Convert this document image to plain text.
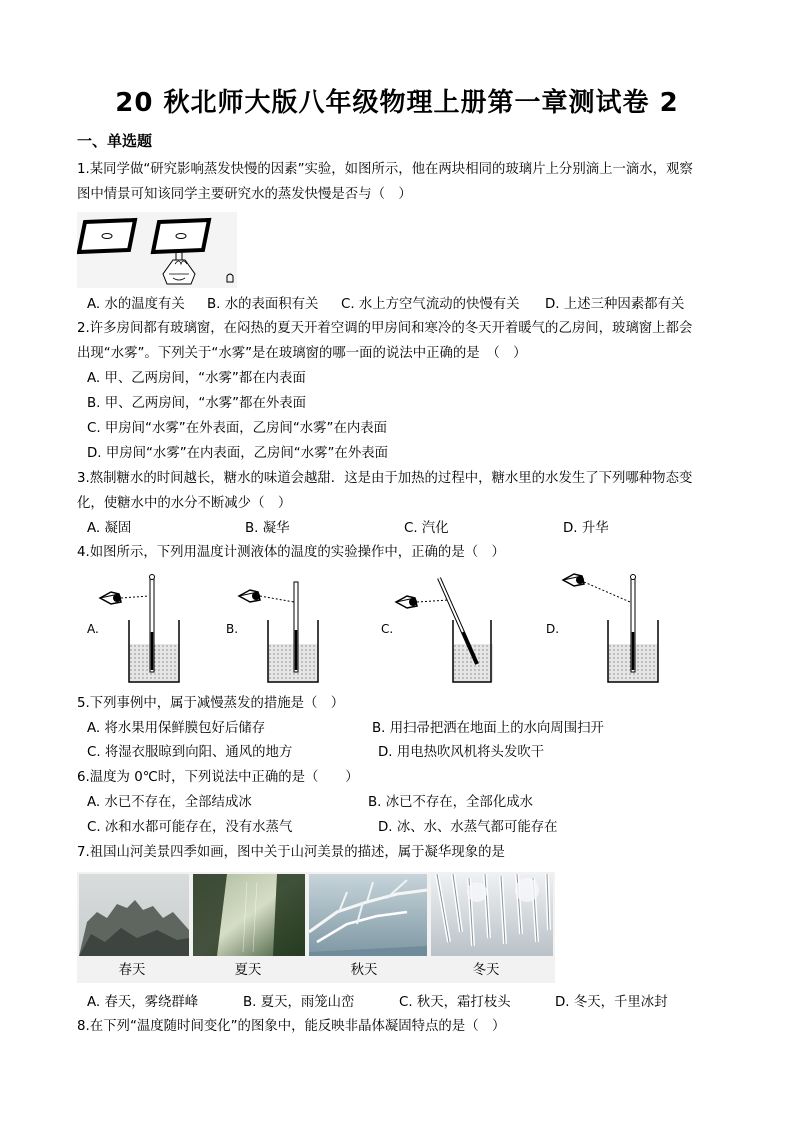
20 秋北师大版八年级物理上册第一章测试卷 2
一、单选题
1.某同学做“研究影响蒸发快慢的因素”实验，如图所示，他在两块相同的玻璃片上分别滴上一滴水，观察
图中情景可知该同学主要研究水的蒸发快慢是否与（　）
A. 水的温度有关 B. 水的表面积有关 C. 水上方空气流动的快慢有关 D. 上述三种因素都有关
2.许多房间都有玻璃窗，在闷热的夏天开着空调的甲房间和寒冷的冬天开着暖气的乙房间，玻璃窗上都会
出现“水雾”。下列关于“水雾”是在玻璃窗的哪一面的说法中正确的是　（　）
A. 甲、乙两房间，“水雾”都在内表面
B. 甲、乙两房间，“水雾”都在外表面
C. 甲房间“水雾”在外表面，乙房间“水雾”在内表面
D. 甲房间“水雾”在内表面，乙房间“水雾”在外表面
3.熬制糖水的时间越长，糖水的味道会越甜．这是由于加热的过程中，糖水里的水发生了下列哪种物态变
化，使糖水中的水分不断减少（　）
A. 凝固	B. 凝华	C. 汽化	D. 升华
4.如图所示，下列用温度计测液体的温度的实验操作中，正确的是（　）
A.	B.	C.	D.
5.下列事例中，属于减慢蒸发的措施是（　）
A. 将水果用保鲜膜包好后储存	B. 用扫帚把洒在地面上的水向周围扫开
C. 将湿衣服晾到向阳、通风的地方	D. 用电热吹风机将头发吹干
6.温度为 0℃时，下列说法中正确的是（　　）
A. 水已不存在，全部结成冰	B. 冰已不存在，全部化成水
C. 冰和水都可能存在，没有水蒸气	D. 冰、水、水蒸气都可能存在
7.祖国山河美景四季如画，图中关于山河美景的描述，属于凝华现象的是
春天	夏天	秋天	冬天
A. 春天，雾绕群峰	B. 夏天，雨笼山峦	C. 秋天，霜打枝头	D. 冬天，千里冰封
8.在下列“温度随时间变化”的图象中，能反映非晶体凝固特点的是（　）
